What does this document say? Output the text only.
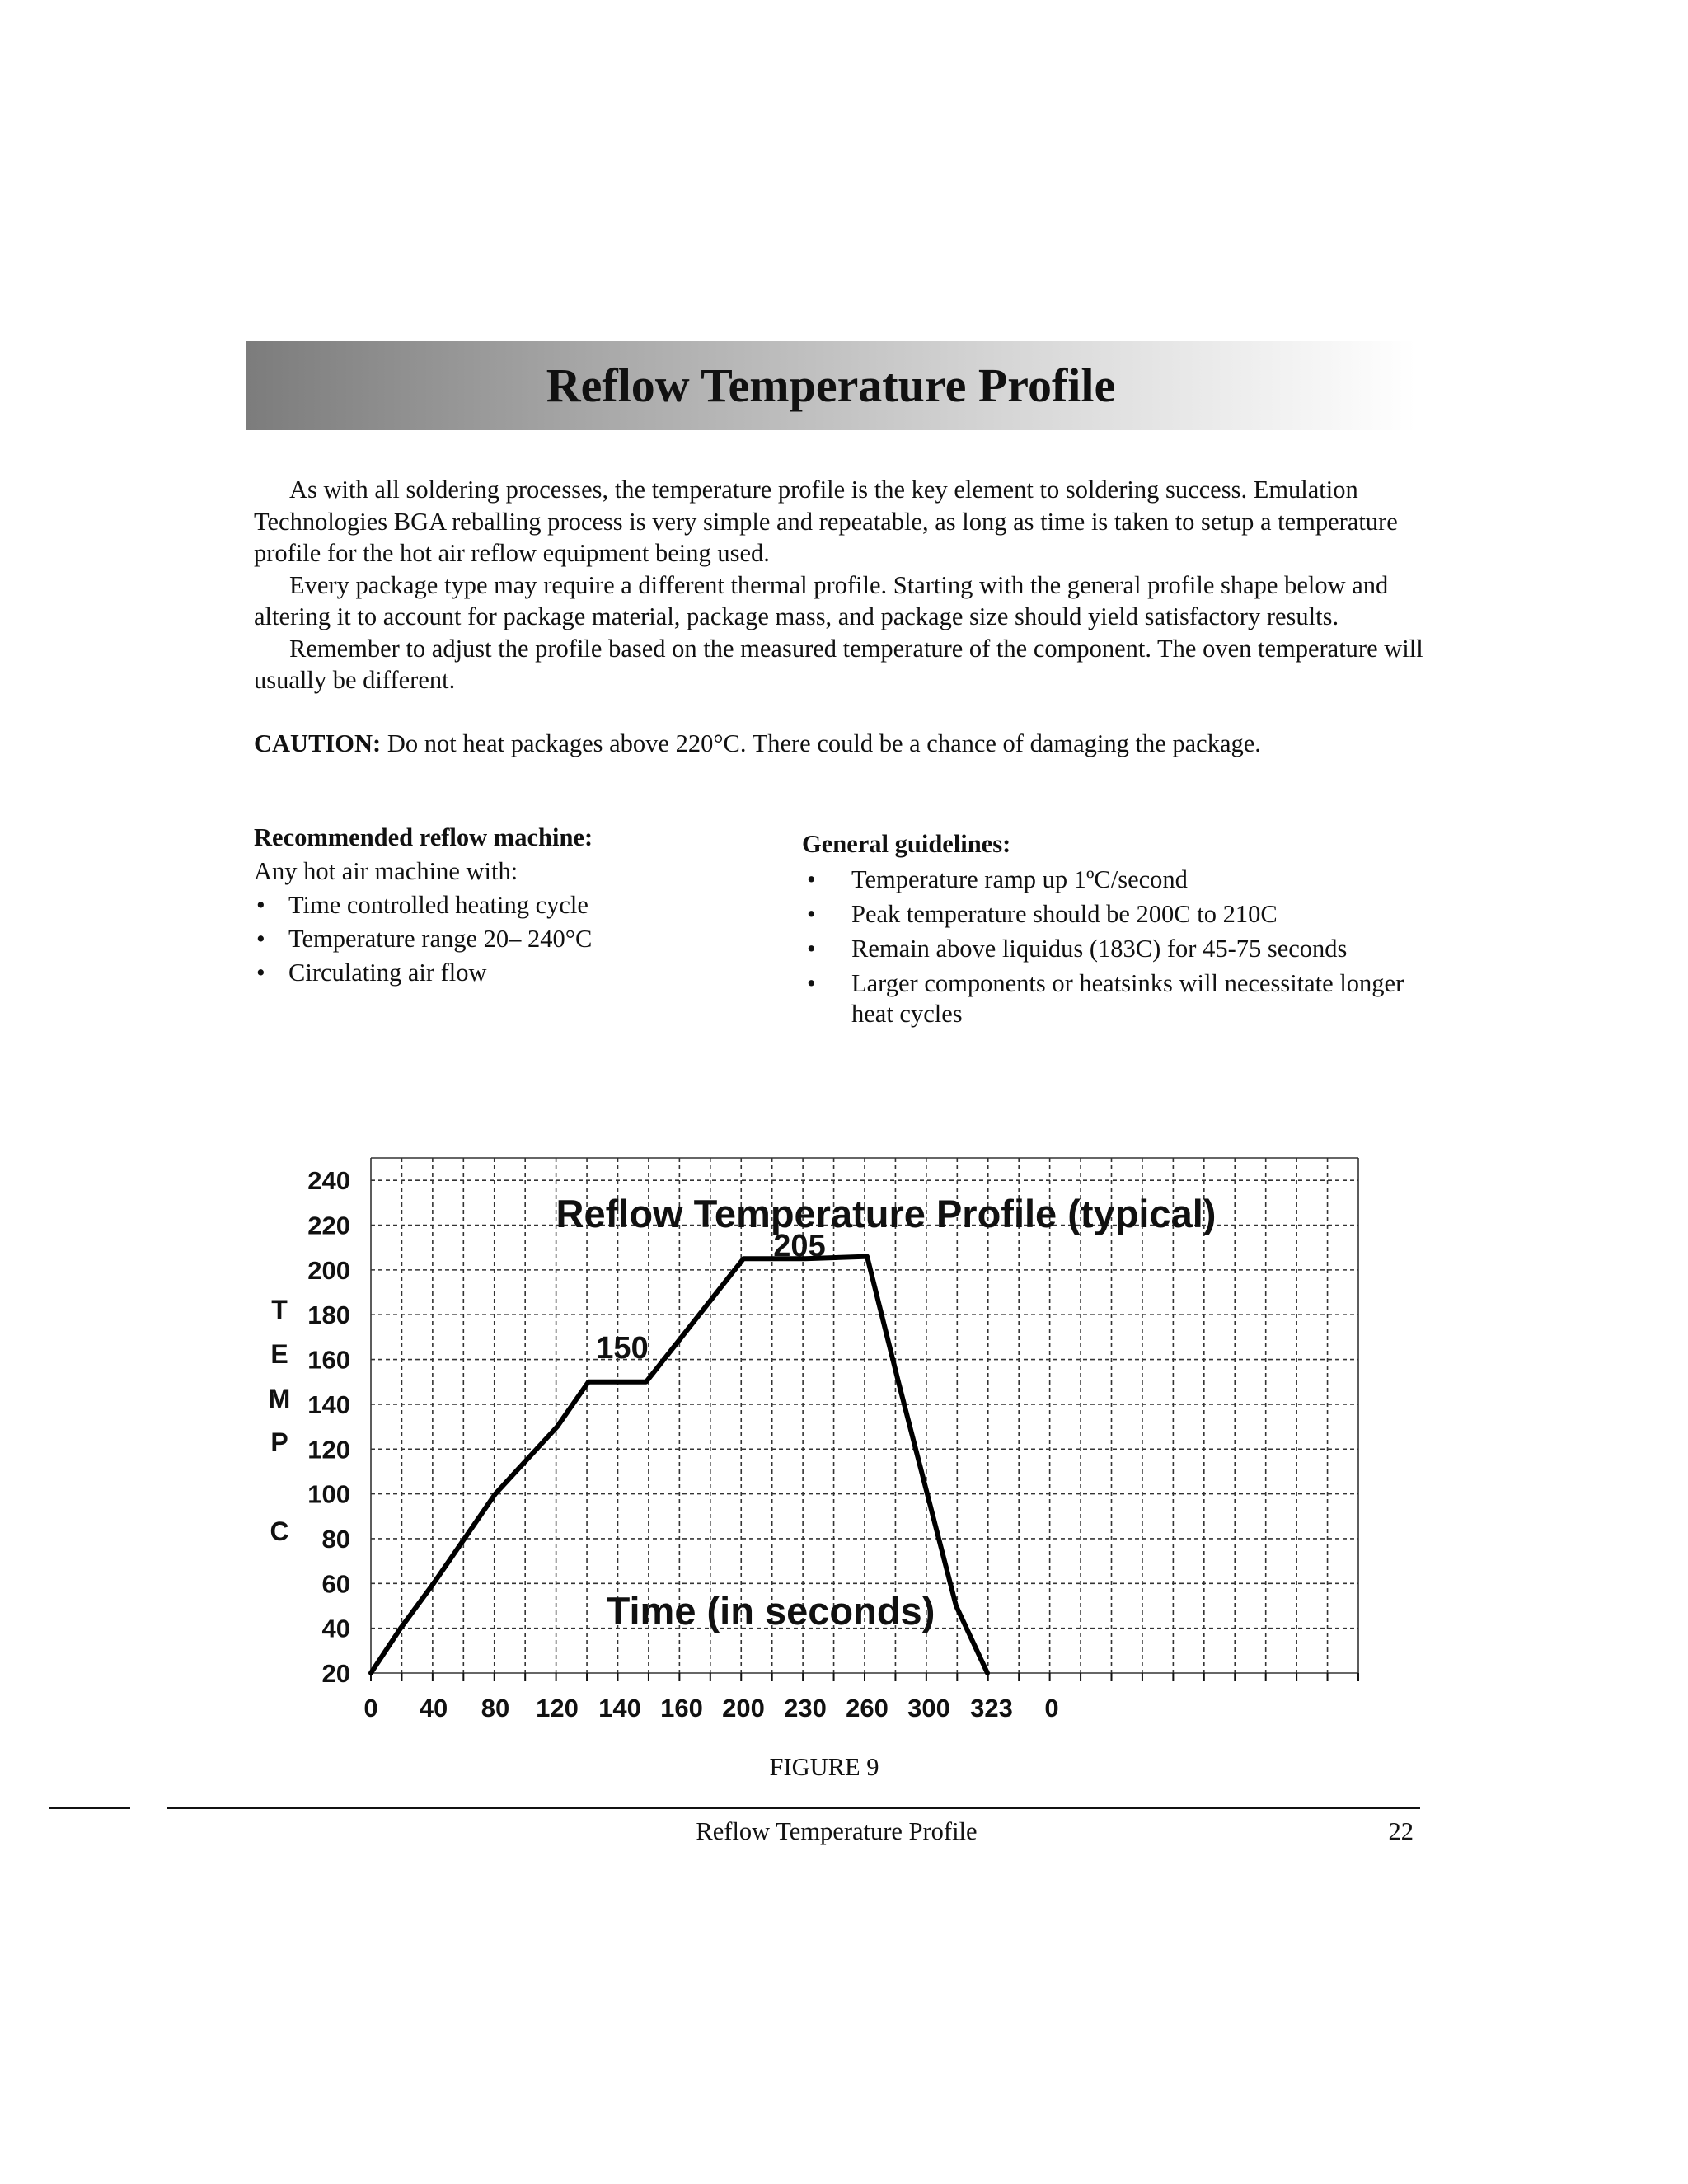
Reflow Temperature Profile

As with all soldering processes, the temperature profile is the key element to soldering success. Emulation Technologies BGA reballing process is very simple and repeatable, as long as time is taken to setup a temperature profile for the hot air reflow equipment being used.

Every package type may require a different thermal profile. Starting with the general profile shape below and altering it to account for package material, package mass, and package size should yield satisfactory results.

Remember to adjust the profile based on the measured temperature of the component. The oven temperature will usually be different.

CAUTION: Do not heat packages above 220°C. There could be a chance of damaging the package.

Recommended reflow machine:
Any hot air machine with:
• Time controlled heating cycle
• Temperature range 20– 240°C
• Circulating air flow
General guidelines:
• Temperature ramp up 1ºC/second
• Peak temperature should be 200C to 210C
• Remain above liquidus (183C) for 45-75 seconds
• Larger components or heatsinks will necessitate longer heat cycles
20
40
60
80
100
120
140
160
180
200
220
240
0 40 80 120 140 160 200 230 260 300 323 0
T
E
M
P
C
Reflow Temperature Profile (typical)
Time (in seconds)
150
205
FIGURE 9
Reflow Temperature Profile	22
